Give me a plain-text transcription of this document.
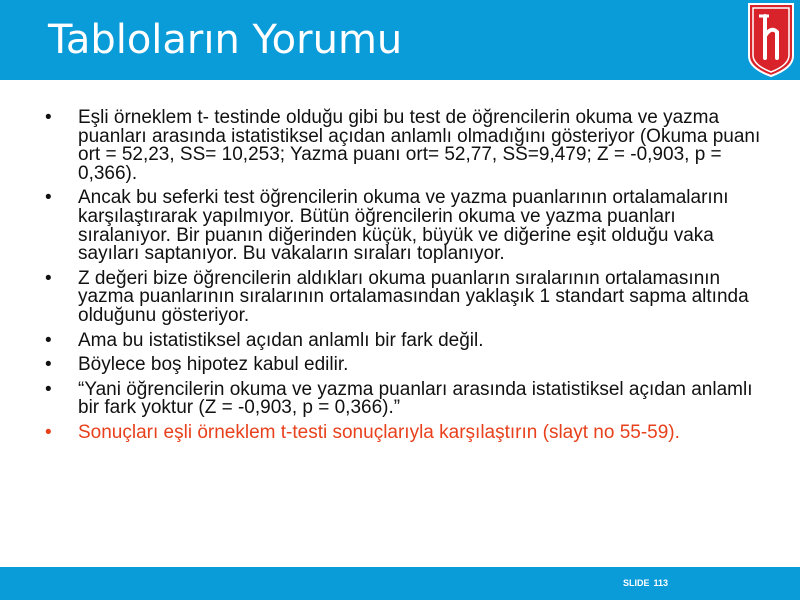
Tabloların Yorumu
•	Eşli örneklem t- testinde olduğu gibi bu test de öğrencilerin okuma ve yazma puanları arasında istatistiksel açıdan anlamlı olmadığını gösteriyor (Okuma puanı ort = 52,23, SS= 10,253; Yazma puanı ort= 52,77, SS=9,479; Z = -0,903, p = 0,366).
•	Ancak bu seferki test öğrencilerin okuma ve yazma puanlarının ortalamalarını karşılaştırarak yapılmıyor. Bütün öğrencilerin okuma ve yazma puanları sıralanıyor. Bir puanın diğerinden küçük, büyük ve diğerine eşit olduğu vaka sayıları saptanıyor. Bu vakaların sıraları toplanıyor.
•	Z değeri bize öğrencilerin aldıkları okuma puanların sıralarının ortalamasının yazma puanlarının sıralarının ortalamasından yaklaşık 1 standart sapma altında olduğunu gösteriyor.
•	Ama bu istatistiksel açıdan anlamlı bir fark değil.
•	Böylece boş hipotez kabul edilir.
•	“Yani öğrencilerin okuma ve yazma puanları arasında istatistiksel açıdan anlamlı bir fark yoktur (Z = -0,903, p = 0,366).”
•	Sonuçları eşli örneklem t-testi sonuçlarıyla karşılaştırın (slayt no 55-59).
SLIDE 113
